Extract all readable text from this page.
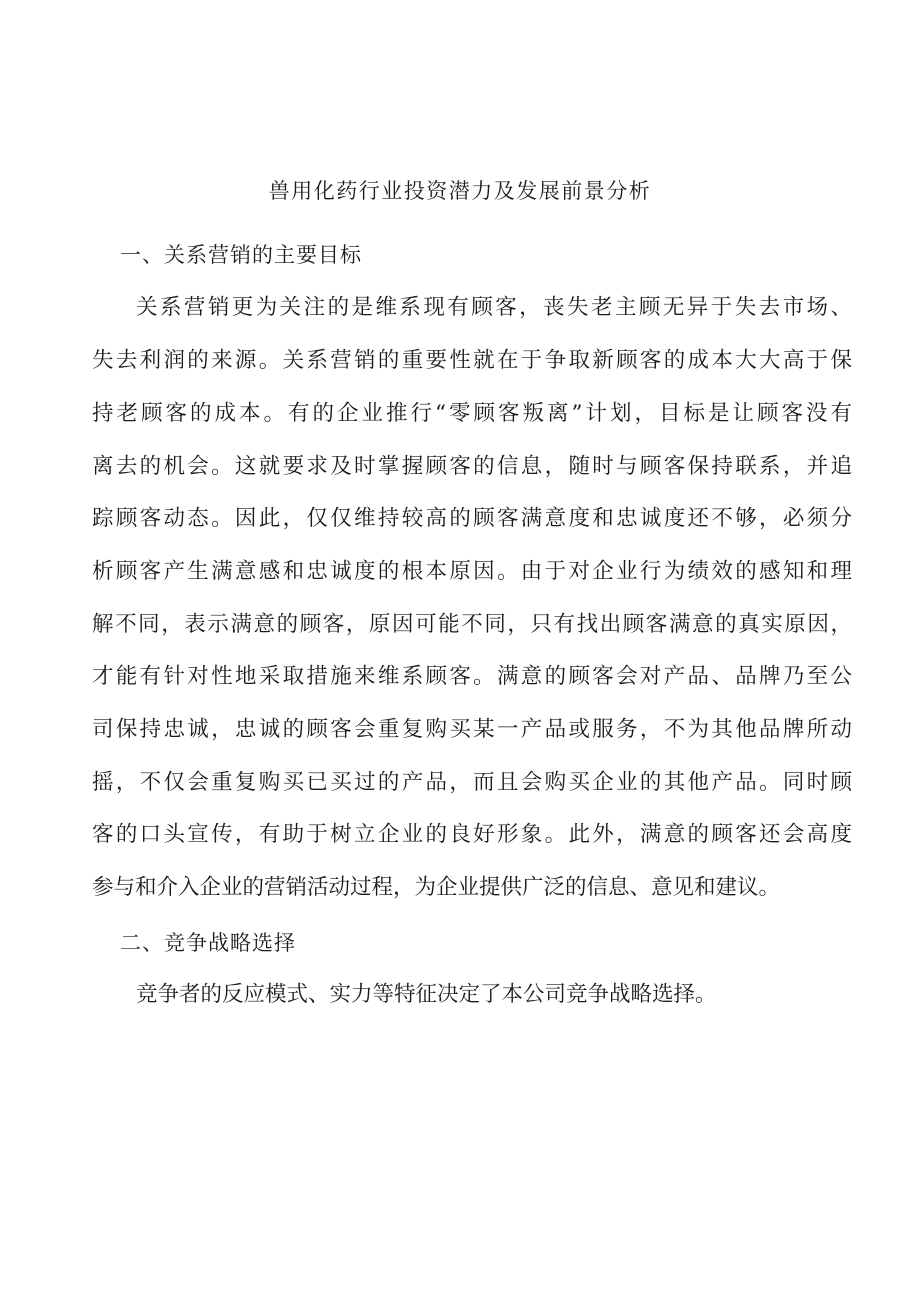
兽用化药行业投资潜力及发展前景分析
一、关系营销的主要目标

关系营销更为关注的是维系现有顾客，丧失老主顾无异于失去市场、

失去利润的来源。关系营销的重要性就在于争取新顾客的成本大大高于保

持老顾客的成本。有的企业推行“零顾客叛离”计划，目标是让顾客没有

离去的机会。这就要求及时掌握顾客的信息，随时与顾客保持联系，并追

踪顾客动态。因此，仅仅维持较高的顾客满意度和忠诚度还不够，必须分

析顾客产生满意感和忠诚度的根本原因。由于对企业行为绩效的感知和理

解不同，表示满意的顾客，原因可能不同，只有找出顾客满意的真实原因，

才能有针对性地采取措施来维系顾客。满意的顾客会对产品、品牌乃至公

司保持忠诚，忠诚的顾客会重复购买某一产品或服务，不为其他品牌所动

摇，不仅会重复购买已买过的产品，而且会购买企业的其他产品。同时顾

客的口头宣传，有助于树立企业的良好形象。此外，满意的顾客还会高度

参与和介入企业的营销活动过程，为企业提供广泛的信息、意见和建议。

二、竞争战略选择

竞争者的反应模式、实力等特征决定了本公司竞争战略选择。
